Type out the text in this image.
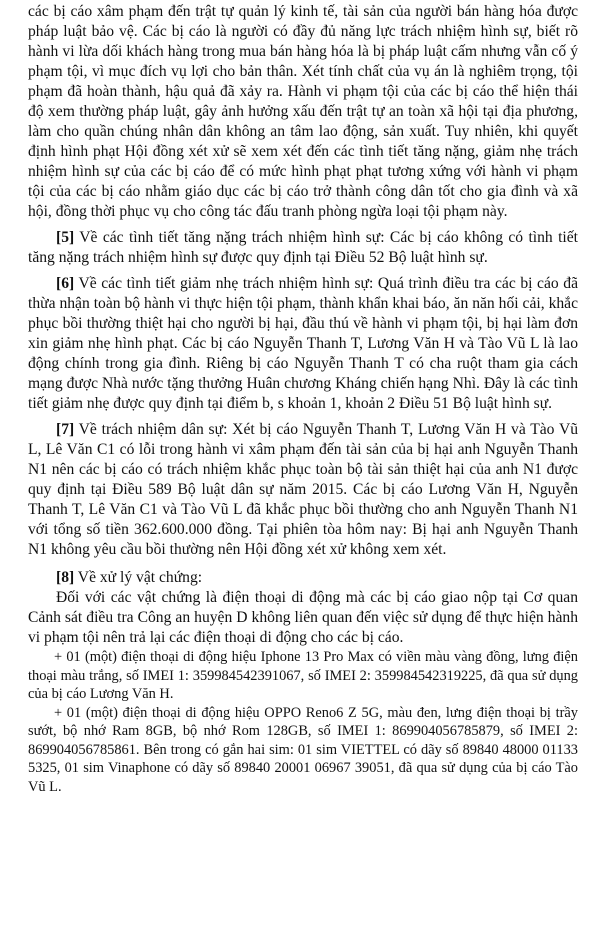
các bị cáo xâm phạm đến trật tự quản lý kinh tế, tài sản của người bán hàng hóa được pháp luật bảo vệ. Các bị cáo là người có đầy đủ năng lực trách nhiệm hình sự, biết rõ hành vi lừa dối khách hàng trong mua bán hàng hóa là bị pháp luật cấm nhưng vẫn cố ý phạm tội, vì mục đích vụ lợi cho bản thân. Xét tính chất của vụ án là nghiêm trọng, tội phạm đã hoàn thành, hậu quả đã xảy ra. Hành vi phạm tội của các bị cáo thể hiện thái độ xem thường pháp luật, gây ảnh hưởng xấu đến trật tự an toàn xã hội tại địa phương, làm cho quần chúng nhân dân không an tâm lao động, sản xuất. Tuy nhiên, khi quyết định hình phạt Hội đồng xét xử sẽ xem xét đến các tình tiết tăng nặng, giảm nhẹ trách nhiệm hình sự của các bị cáo để có mức hình phạt phạt tương xứng với hành vi phạm tội của các bị cáo nhằm giáo dục các bị cáo trở thành công dân tốt cho gia đình và xã hội, đồng thời phục vụ cho công tác đấu tranh phòng ngừa loại tội phạm này.

[5] Về các tình tiết tăng nặng trách nhiệm hình sự: Các bị cáo không có tình tiết tăng nặng trách nhiệm hình sự được quy định tại Điều 52 Bộ luật hình sự.

[6] Về các tình tiết giảm nhẹ trách nhiệm hình sự: Quá trình điều tra các bị cáo đã thừa nhận toàn bộ hành vi thực hiện tội phạm, thành khẩn khai báo, ăn năn hối cải, khắc phục bồi thường thiệt hại cho người bị hại, đầu thú về hành vi phạm tội, bị hại làm đơn xin giảm nhẹ hình phạt. Các bị cáo Nguyễn Thanh T, Lương Văn H và Tào Vũ L là lao động chính trong gia đình. Riêng bị cáo Nguyễn Thanh T có cha ruột tham gia cách mạng được Nhà nước tặng thưởng Huân chương Kháng chiến hạng Nhì. Đây là các tình tiết giảm nhẹ được quy định tại điểm b, s khoản 1, khoản 2 Điều 51 Bộ luật hình sự.

[7] Về trách nhiệm dân sự: Xét bị cáo Nguyễn Thanh T, Lương Văn H và Tào Vũ L, Lê Văn C1 có lỗi trong hành vi xâm phạm đến tài sản của bị hại anh Nguyễn Thanh N1 nên các bị cáo có trách nhiệm khắc phục toàn bộ tài sản thiệt hại của anh N1 được quy định tại Điều 589 Bộ luật dân sự năm 2015. Các bị cáo Lương Văn H, Nguyễn Thanh T, Lê Văn C1 và Tào Vũ L đã khắc phục bồi thường cho anh Nguyễn Thanh N1 với tổng số tiền 362.600.000 đồng. Tại phiên tòa hôm nay: Bị hại anh Nguyễn Thanh N1 không yêu cầu bồi thường nên Hội đồng xét xử không xem xét.

[8] Về xử lý vật chứng:

Đối với các vật chứng là điện thoại di động mà các bị cáo giao nộp tại Cơ quan Cảnh sát điều tra Công an huyện D không liên quan đến việc sử dụng để thực hiện hành vi phạm tội nên trả lại các điện thoại di động cho các bị cáo.

+ 01 (một) điện thoại di động hiệu Iphone 13 Pro Max có viền màu vàng đồng, lưng điện thoại màu trắng, số IMEI 1: 359984542391067, số IMEI 2: 359984542319225, đã qua sử dụng của bị cáo Lương Văn H.

+ 01 (một) điện thoại di động hiệu OPPO Reno6 Z 5G, màu đen, lưng điện thoại bị trầy sướt, bộ nhớ Ram 8GB, bộ nhớ Rom 128GB, số IMEI 1: 869904056785879, số IMEI 2: 869904056785861. Bên trong có gắn hai sim: 01 sim VIETTEL có dãy số 89840 48000 01133 5325, 01 sim Vinaphone có dãy số 89840 20001 06967 39051, đã qua sử dụng của bị cáo Tào Vũ L.
